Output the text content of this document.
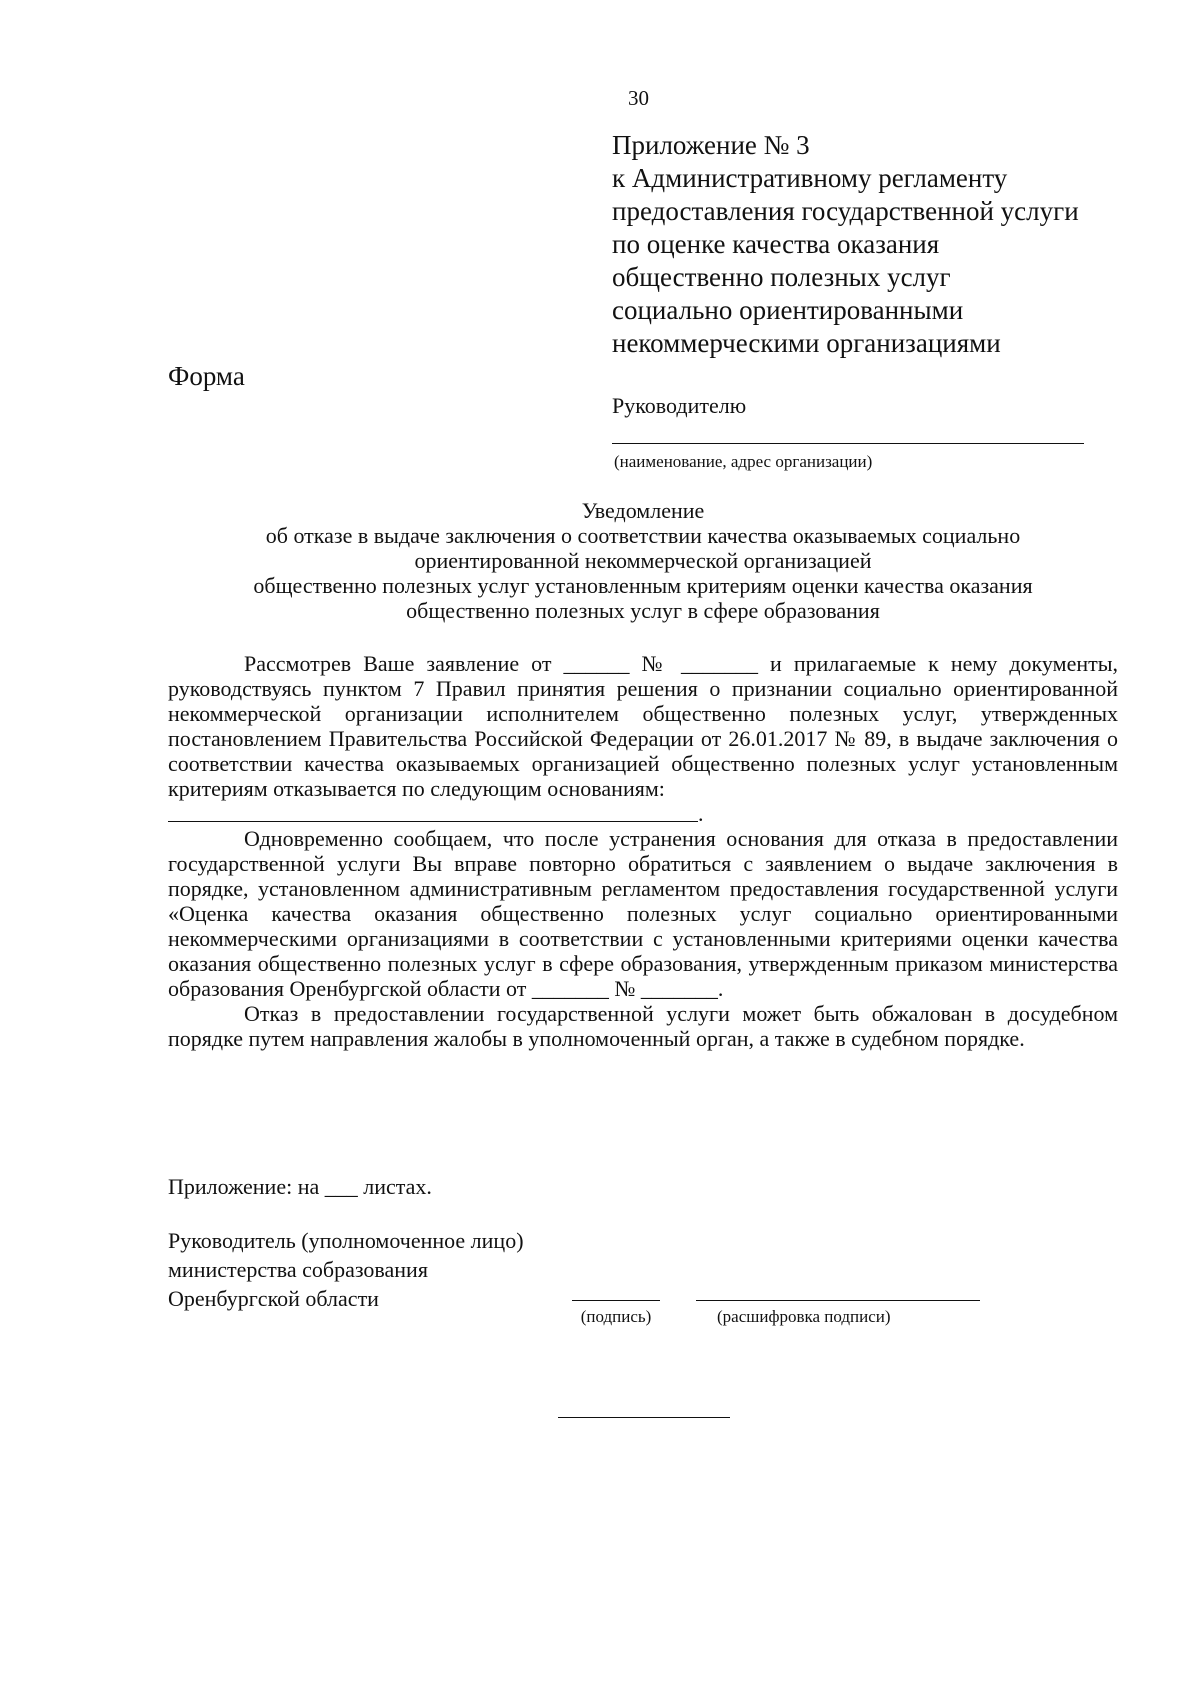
30
Приложение № 3
к Административному регламенту
предоставления государственной услуги
по оценке качества оказания
общественно полезных услуг
социально ориентированными
некоммерческими организациями
Форма
Руководителю
(наименование, адрес организации)
Уведомление
об отказе в выдаче заключения о соответствии качества оказываемых социально
ориентированной некоммерческой организацией
общественно полезных услуг установленным критериям оценки качества оказания
общественно полезных услуг в сфере образования

Рассмотрев Ваше заявление от ______ № _______ и прилагаемые к нему документы, руководствуясь пунктом 7 Правил принятия решения о признании социально ориентированной некоммерческой организации исполнителем общественно полезных услуг, утвержденных постановлением Правительства Российской Федерации от 26.01.2017 № 89, в выдаче заключения о соответствии качества оказываемых организацией общественно полезных услуг установленным критериям отказывается по следующим основаниям:

.

Одновременно сообщаем, что после устранения основания для отказа в предоставлении государственной услуги Вы вправе повторно обратиться с заявлением о выдаче заключения в порядке, установленном административным регламентом предоставления государственной услуги «Оценка качества оказания общественно полезных услуг социально ориентированными некоммерческими организациями в соответствии с установленными критериями оценки качества оказания общественно полезных услуг в сфере образования, утвержденным приказом министерства образования Оренбургской области от _______ № _______.

Отказ в предоставлении государственной услуги может быть обжалован в досудебном порядке путем направления жалобы в уполномоченный орган, а также в судебном порядке.

Приложение: на ___ листах.
Руководитель (уполномоченное лицо)
министерства собразования
Оренбургской области
(подпись)	(расшифровка подписи)
